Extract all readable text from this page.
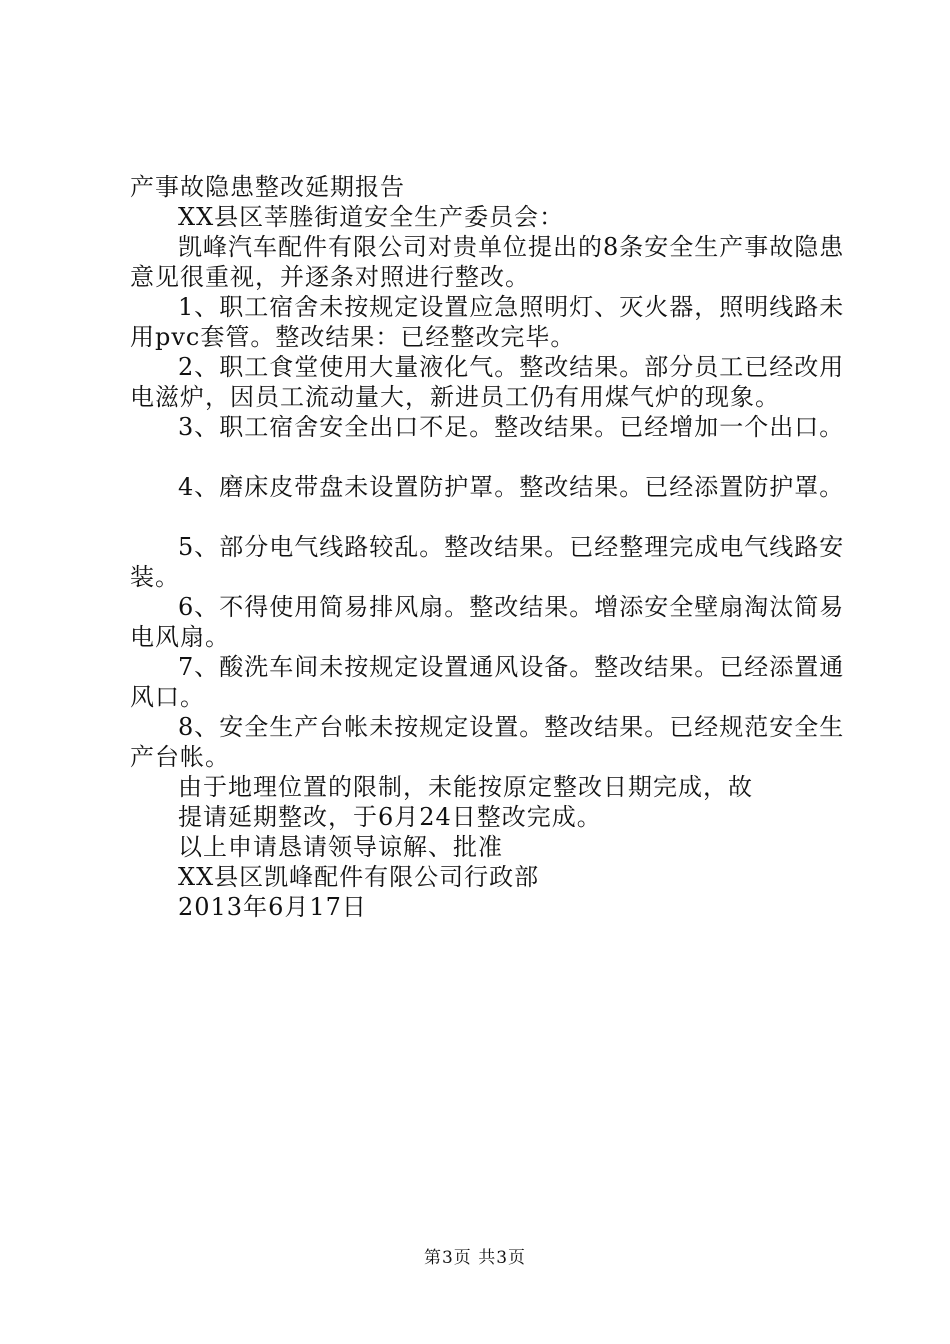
产事故隐患整改延期报告

XX县区莘塍街道安全生产委员会：

凯峰汽车配件有限公司对贵单位提出的8条安全生产事故隐患意见很重视，并逐条对照进行整改。

1、职工宿舍未按规定设置应急照明灯、灭火器，照明线路未用pvc套管。整改结果：已经整改完毕。

2、职工食堂使用大量液化气。整改结果。部分员工已经改用电滋炉，因员工流动量大，新进员工仍有用煤气炉的现象。

3、职工宿舍安全出口不足。整改结果。已经增加一个出口。

4、磨床皮带盘未设置防护罩。整改结果。已经添置防护罩。

5、部分电气线路较乱。整改结果。已经整理完成电气线路安装。

6、不得使用简易排风扇。整改结果。增添安全壁扇淘汰简易电风扇。

7、酸洗车间未按规定设置通风设备。整改结果。已经添置通风口。

8、安全生产台帐未按规定设置。整改结果。已经规范安全生产台帐。

由于地理位置的限制，未能按原定整改日期完成，故

提请延期整改，于6月24日整改完成。

以上申请恳请领导谅解、批准

XX县区凯峰配件有限公司行政部

2013年6月17日

第3页 共3页
